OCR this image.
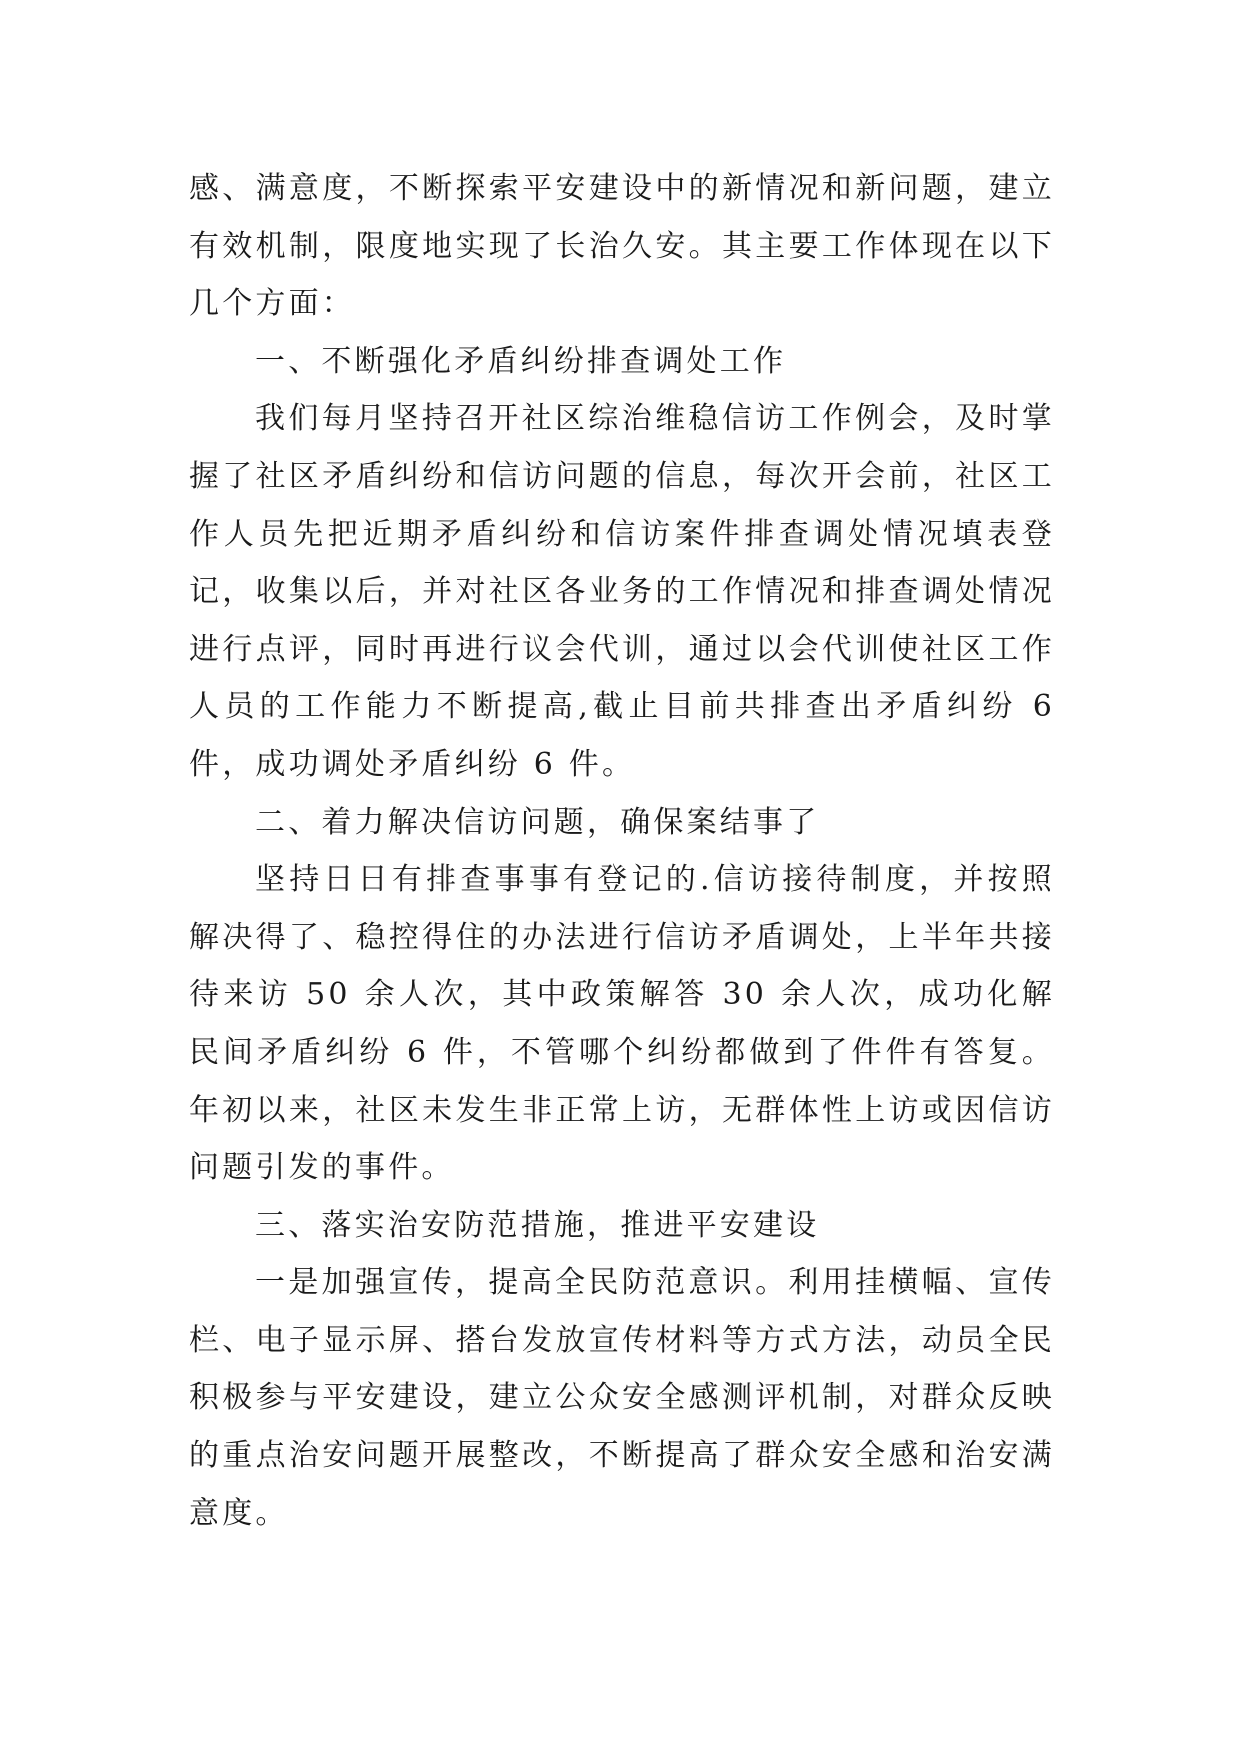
感、满意度，不断探索平安建设中的新情况和新问题，建立有效机制，限度地实现了长治久安。其主要工作体现在以下几个方面：

一、不断强化矛盾纠纷排查调处工作

我们每月坚持召开社区综治维稳信访工作例会，及时掌握了社区矛盾纠纷和信访问题的信息，每次开会前，社区工作人员先把近期矛盾纠纷和信访案件排查调处情况填表登记，收集以后，并对社区各业务的工作情况和排查调处情况进行点评，同时再进行议会代训，通过以会代训使社区工作人员的工作能力不断提高,截止目前共排查出矛盾纠纷 6 件，成功调处矛盾纠纷 6 件。

二、着力解决信访问题，确保案结事了

坚持日日有排查事事有登记的.信访接待制度，并按照解决得了、稳控得住的办法进行信访矛盾调处，上半年共接待来访 50 余人次，其中政策解答 30 余人次，成功化解民间矛盾纠纷 6 件，不管哪个纠纷都做到了件件有答复。年初以来，社区未发生非正常上访，无群体性上访或因信访问题引发的事件。

三、落实治安防范措施，推进平安建设

一是加强宣传，提高全民防范意识。利用挂横幅、宣传栏、电子显示屏、搭台发放宣传材料等方式方法，动员全民积极参与平安建设，建立公众安全感测评机制，对群众反映的重点治安问题开展整改，不断提高了群众安全感和治安满意度。
